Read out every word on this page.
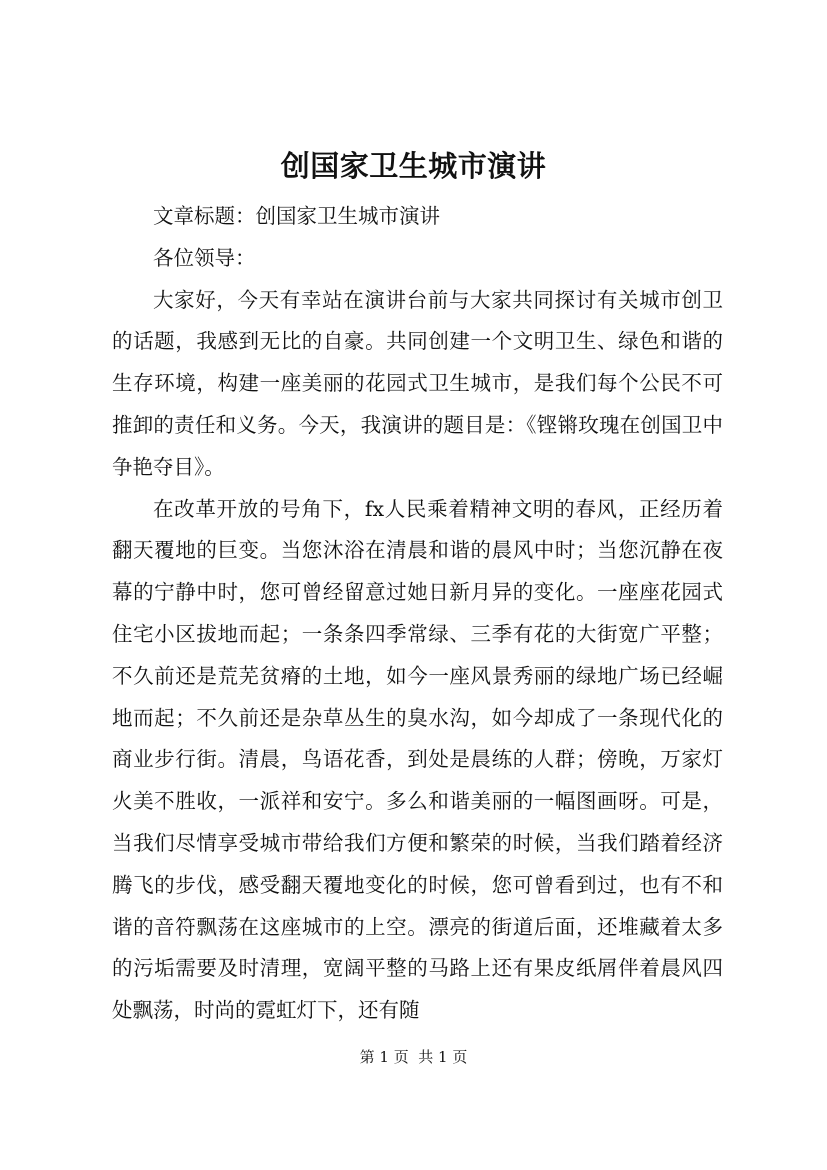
创国家卫生城市演讲

文章标题：创国家卫生城市演讲

各位领导：

大家好，今天有幸站在演讲台前与大家共同探讨有关城市创卫的话题，我感到无比的自豪。共同创建一个文明卫生、绿色和谐的生存环境，构建一座美丽的花园式卫生城市，是我们每个公民不可推卸的责任和义务。今天，我演讲的题目是：《铿锵玫瑰在创国卫中争艳夺目》。

在改革开放的号角下，fx人民乘着精神文明的春风，正经历着翻天覆地的巨变。当您沐浴在清晨和谐的晨风中时；当您沉静在夜幕的宁静中时，您可曾经留意过她日新月异的变化。一座座花园式住宅小区拔地而起；一条条四季常绿、三季有花的大街宽广平整；不久前还是荒芜贫瘠的土地，如今一座风景秀丽的绿地广场已经崛地而起；不久前还是杂草丛生的臭水沟，如今却成了一条现代化的商业步行街。清晨，鸟语花香，到处是晨练的人群；傍晚，万家灯火美不胜收，一派祥和安宁。多么和谐美丽的一幅图画呀。可是，当我们尽情享受城市带给我们方便和繁荣的时候，当我们踏着经济腾飞的步伐，感受翻天覆地变化的时候，您可曾看到过，也有不和谐的音符飘荡在这座城市的上空。漂亮的街道后面，还堆藏着太多的污垢需要及时清理，宽阔平整的马路上还有果皮纸屑伴着晨风四处飘荡，时尚的霓虹灯下，还有随

第 1 页  共 1 页
